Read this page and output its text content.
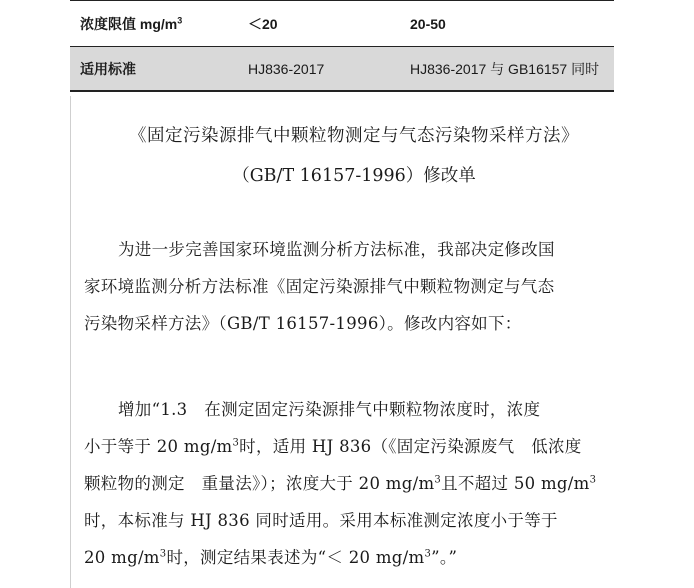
浓度限值 $mg/m^3$	＜20	20-50
适用标准	HJ836-2017	HJ836-2017 与 GB16157 同时
《固定污染源排气中颗粒物测定与气态污染物采样方法》
（GB/T 16157-1996）修改单
为进一步完善国家环境监测分析方法标准，我部决定修改国
家环境监测分析方法标准《固定污染源排气中颗粒物测定与气态
污染物采样方法》（GB/T 16157-1996）。修改内容如下：
增加“1.3　在测定固定污染源排气中颗粒物浓度时，浓度
小于等于 20 $mg/m^3$时，适用 HJ 836（《固定污染源废气　低浓度
颗粒物的测定　重量法》）；浓度大于 20 $mg/m^3$且不超过 50 $mg/m^3$
时，本标准与 HJ 836 同时适用。采用本标准测定浓度小于等于
20 $mg/m^3$时，测定结果表述为“＜ 20 $mg/m^3$”。”
